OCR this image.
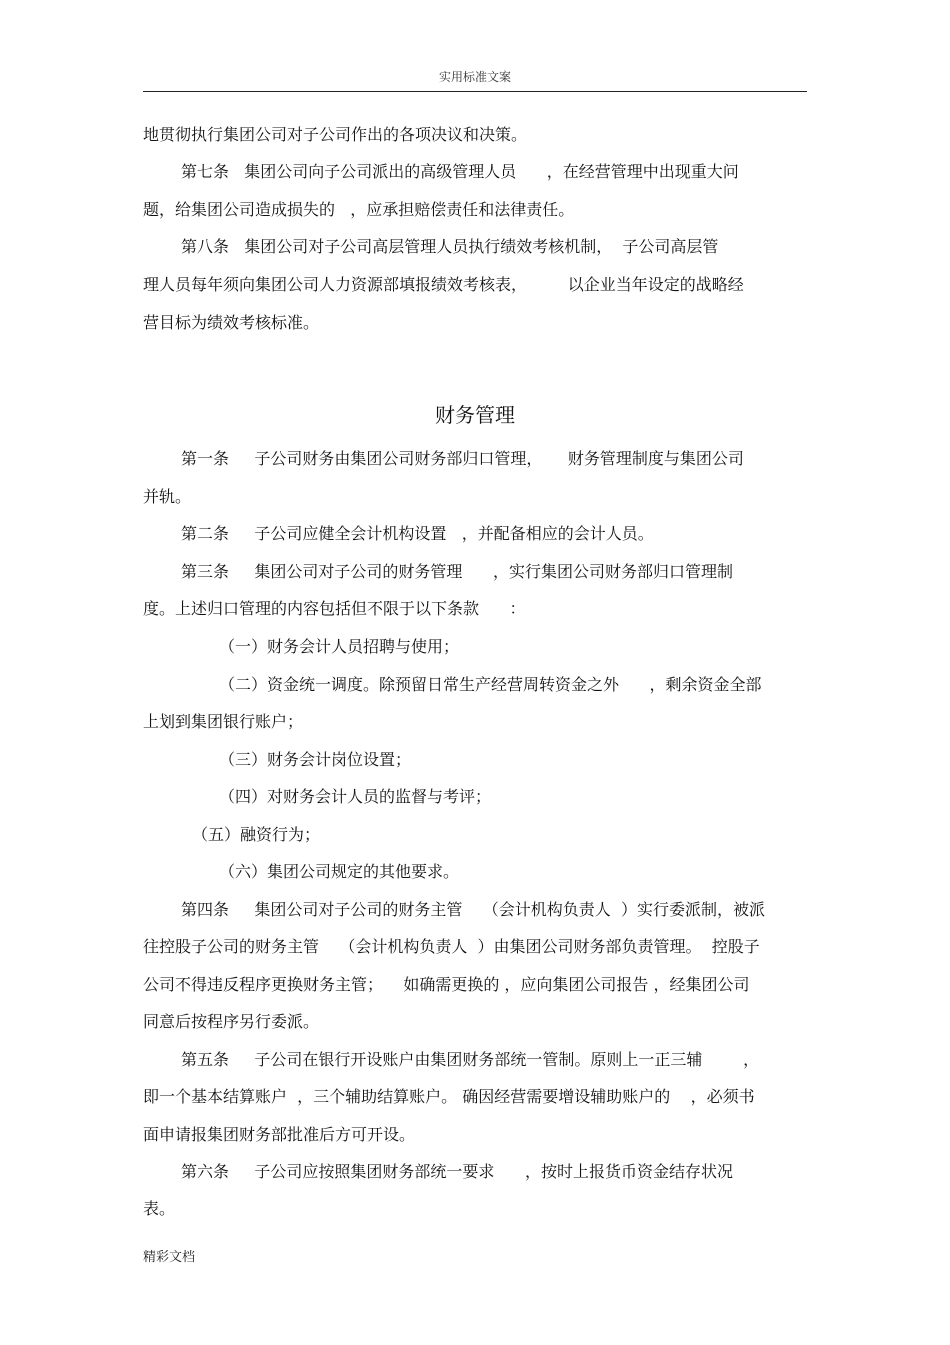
实用标准文案
地贯彻执行集团公司对子公司作出的各项决议和决策。
第七条   集团公司向子公司派出的高级管理人员      ，在经营管理中出现重大问
题，给集团公司造成损失的   ，应承担赔偿责任和法律责任。
第八条   集团公司对子公司高层管理人员执行绩效考核机制，  子公司高层管
理人员每年须向集团公司人力资源部填报绩效考核表，        以企业当年设定的战略经
营目标为绩效考核标准。
财务管理
第一条     子公司财务由集团公司财务部归口管理，     财务管理制度与集团公司
并轨。
第二条     子公司应健全会计机构设置   ，并配备相应的会计人员。
第三条     集团公司对子公司的财务管理      ，实行集团公司财务部归口管理制
度。上述归口管理的内容包括但不限于以下条款      ：
（一）财务会计人员招聘与使用；
（二）资金统一调度。除预留日常生产经营周转资金之外      ，剩余资金全部
上划到集团银行账户；
（三）财务会计岗位设置；
（四）对财务会计人员的监督与考评；
（五）融资行为；
（六）集团公司规定的其他要求。
第四条     集团公司对子公司的财务主管    （会计机构负责人  ）实行委派制，被派
往控股子公司的财务主管    （会计机构负责人  ）由集团公司财务部负责管理。  控股子
公司不得违反程序更换财务主管；    如确需更换的 ，应向集团公司报告 ，经集团公司
同意后按程序另行委派。
第五条     子公司在银行开设账户由集团财务部统一管制。原则上一正三辅        ，
即一个基本结算账户  ，三个辅助结算账户。 确因经营需要增设辅助账户的    ，必须书
面申请报集团财务部批准后方可开设。
第六条     子公司应按照集团财务部统一要求      ，按时上报货币资金结存状况
表。
精彩文档
